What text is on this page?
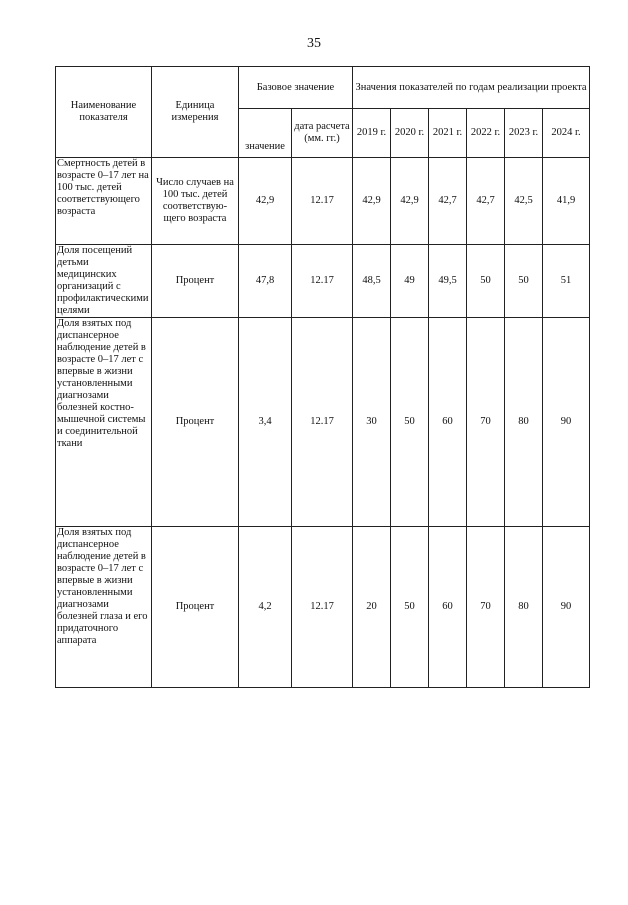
35
Наименование показателя	Единица измерения	Базовое значение		Значения показателей по годам реализации проекта					
		значение	дата расчета (мм. гг.)	2019 г.	2020 г.	2021 г.	2022 г.	2023 г.	2024 г.
Смертность детей в возрасте 0–17 лет на 100 тыс. детей соответствующего возраста	Число случаев на 100 тыс. детей соответствую-щего возраста	42,9	12.17	42,9	42,9	42,7	42,7	42,5	41,9
Доля посещений детьми медицинских организаций с профилактическими целями	Процент	47,8	12.17	48,5	49	49,5	50	50	51
Доля взятых под диспансерное наблюдение детей в возрасте 0–17 лет с впервые в жизни установленными диагнозами болезней костно-мышечной системы и соединительной ткани	Процент	3,4	12.17	30	50	60	70	80	90
Доля взятых под диспансерное наблюдение детей в возрасте 0–17 лет с впервые в жизни установленными диагнозами болезней глаза и его придаточного аппарата	Процент	4,2	12.17	20	50	60	70	80	90
